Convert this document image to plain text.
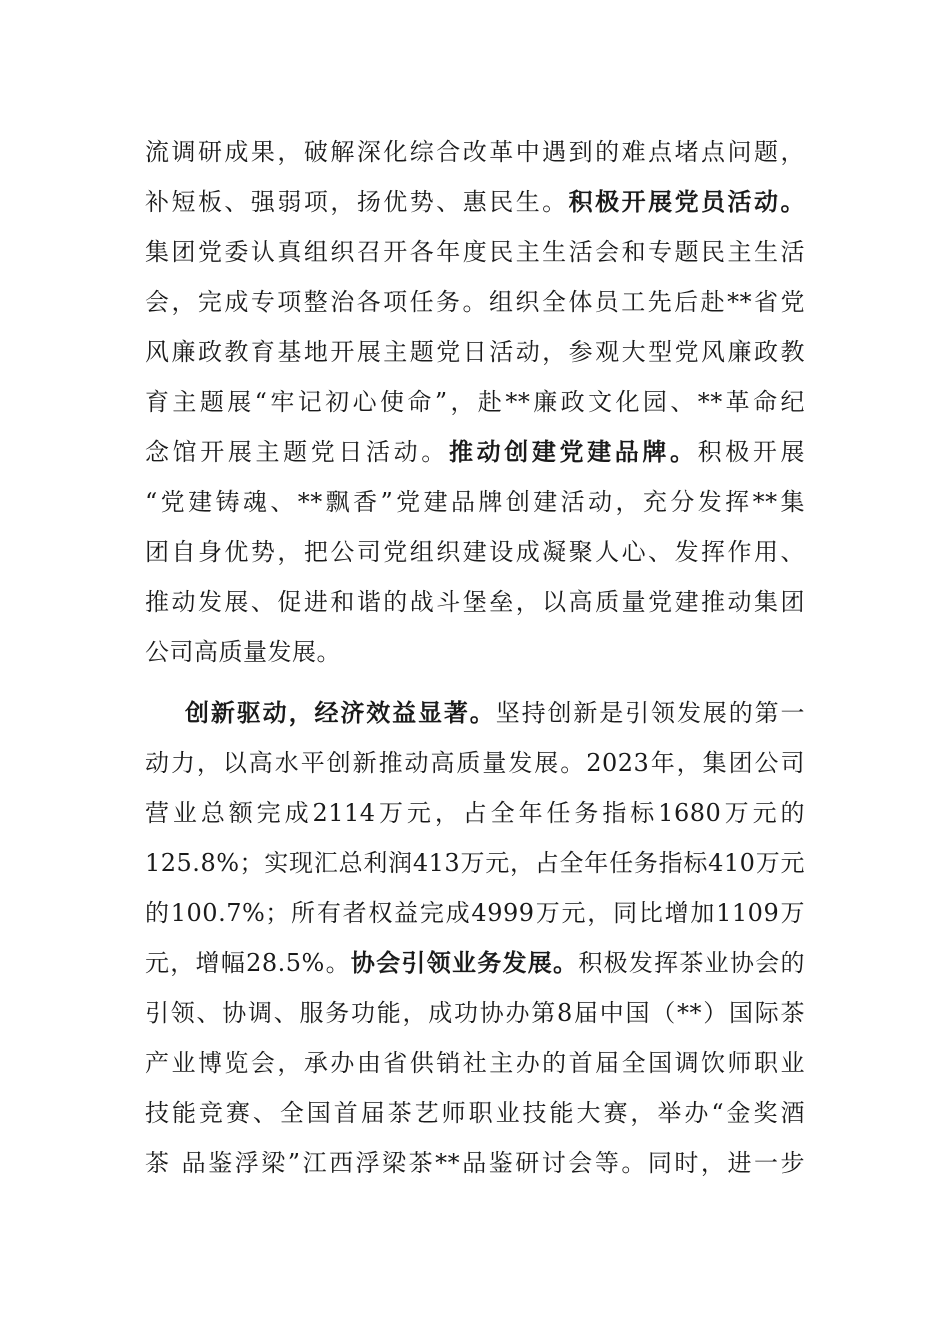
流调研成果，破解深化综合改革中遇到的难点堵点问题，
补短板、强弱项，扬优势、惠民生。积极开展党员活动。
集团党委认真组织召开各年度民主生活会和专题民主生活
会，完成专项整治各项任务。组织全体员工先后赴**省党
风廉政教育基地开展主题党日活动，参观大型党风廉政教
育主题展“牢记初心使命”，赴**廉政文化园、**革命纪
念馆开展主题党日活动。推动创建党建品牌。积极开展
“党建铸魂、**飘香”党建品牌创建活动，充分发挥**集
团自身优势，把公司党组织建设成凝聚人心、发挥作用、
推动发展、促进和谐的战斗堡垒，以高质量党建推动集团
公司高质量发展。
创新驱动，经济效益显著。坚持创新是引领发展的第一
动力，以高水平创新推动高质量发展。2023年，集团公司
营业总额完成2114万元，占全年任务指标1680万元的
125.8%；实现汇总利润413万元，占全年任务指标410万元
的100.7%；所有者权益完成4999万元，同比增加1109万
元，增幅28.5%。协会引领业务发展。积极发挥茶业协会的
引领、协调、服务功能，成功协办第8届中国（**）国际茶
产业博览会，承办由省供销社主办的首届全国调饮师职业
技能竞赛、全国首届茶艺师职业技能大赛，举办“金奖酒
茶 品鉴浮梁”江西浮梁茶**品鉴研讨会等。同时，进一步
